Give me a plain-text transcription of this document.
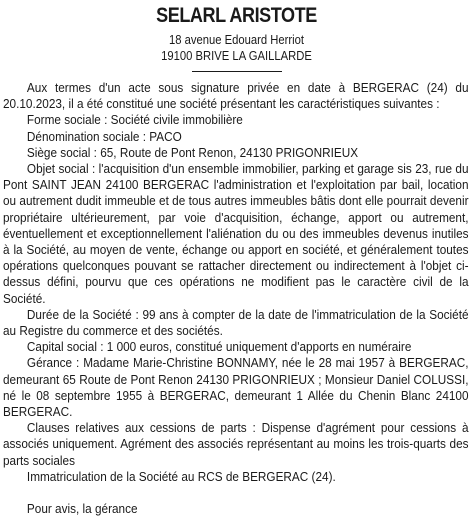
SELARL ARISTOTE
18 avenue Edouard Herriot
19100 BRIVE LA GAILLARDE

Aux termes d'un acte sous signature privée en date à BERGERAC (24) du 20.10.2023, il a été constitué une société présentant les caractéristiques suivantes :

Forme sociale : Société civile immobilière

Dénomination sociale : PACO

Siège social : 65, Route de Pont Renon, 24130 PRIGONRIEUX

Objet social : l'acquisition d'un ensemble immobilier, parking et garage sis 23, rue du Pont SAINT JEAN 24100 BERGERAC l'administration et l'exploitation par bail, location ou autrement dudit immeuble et de tous autres immeubles bâtis dont elle pourrait devenir propriétaire ultérieurement, par voie d'acquisition, échange, apport ou autrement, éventuellement et exceptionnellement l'aliénation du ou des immeubles devenus inutiles à la Société, au moyen de vente, échange ou apport en société, et généralement toutes opérations quelconques pouvant se rattacher directement ou indirectement à l'objet ci-dessus défini, pourvu que ces opérations ne modifient pas le caractère civil de la Société.

Durée de la Société : 99 ans à compter de la date de l'immatriculation de la Société au Registre du commerce et des sociétés.

Capital social : 1 000 euros, constitué uniquement d'apports en numéraire

Gérance : Madame Marie-Christine BONNAMY, née le 28 mai 1957 à BERGERAC, demeurant 65 Route de Pont Renon 24130 PRIGONRIEUX ; Monsieur Daniel COLUSSI, né le 08 septembre 1955 à BERGERAC, demeurant 1 Allée du Chenin Blanc 24100 BERGERAC.

Clauses relatives aux cessions de parts : Dispense d'agrément pour cessions à associés uniquement. Agrément des associés représentant au moins les trois-quarts des parts sociales

Immatriculation de la Société au RCS de BERGERAC (24).

Pour avis, la gérance
